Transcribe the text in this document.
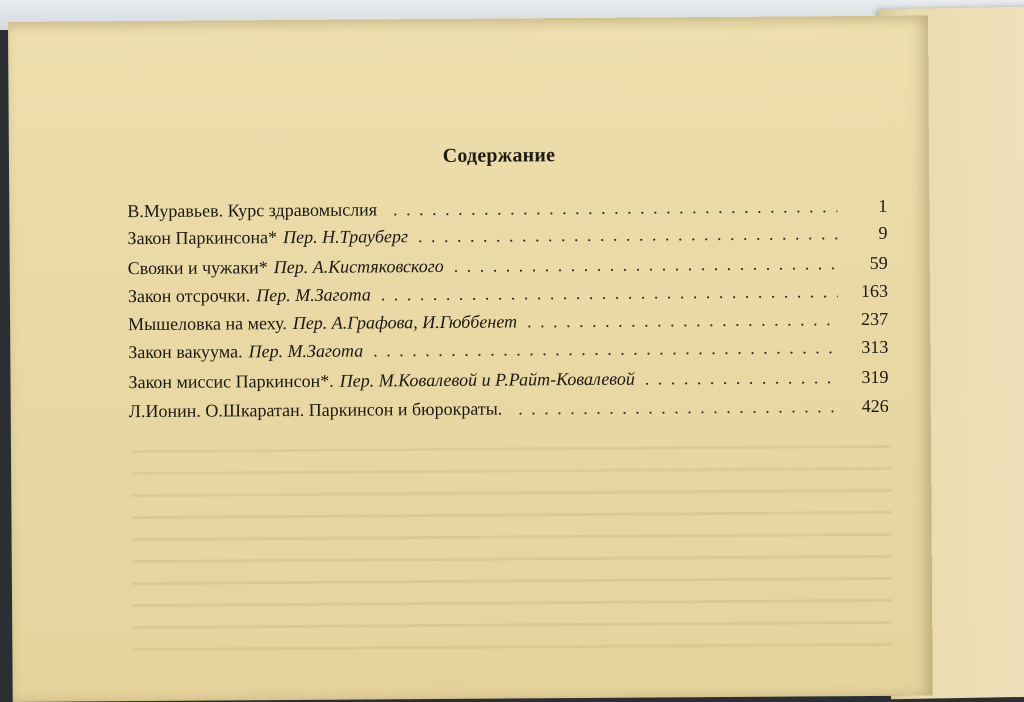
Содержание
В.Муравьев. Курс здравомыслия . . .	1
Закон Паркинсона* Пер. Н.Трауберг . . .	9
Свояки и чужаки* Пер. А.Кистяковского . . .	59
Закон отсрочки. Пер. М.Загота . . .	163
Мышеловка на меху. Пер. А.Графова, И.Гюббенет . . .	237
Закон вакуума. Пер. М.Загота . . .	313
Закон миссис Паркинсон*. Пер. М.Ковалевой и Р.Райт-Ковалевой . . .	319
Л.Ионин. О.Шкаратан. Паркинсон и бюрократы. . . .	426
